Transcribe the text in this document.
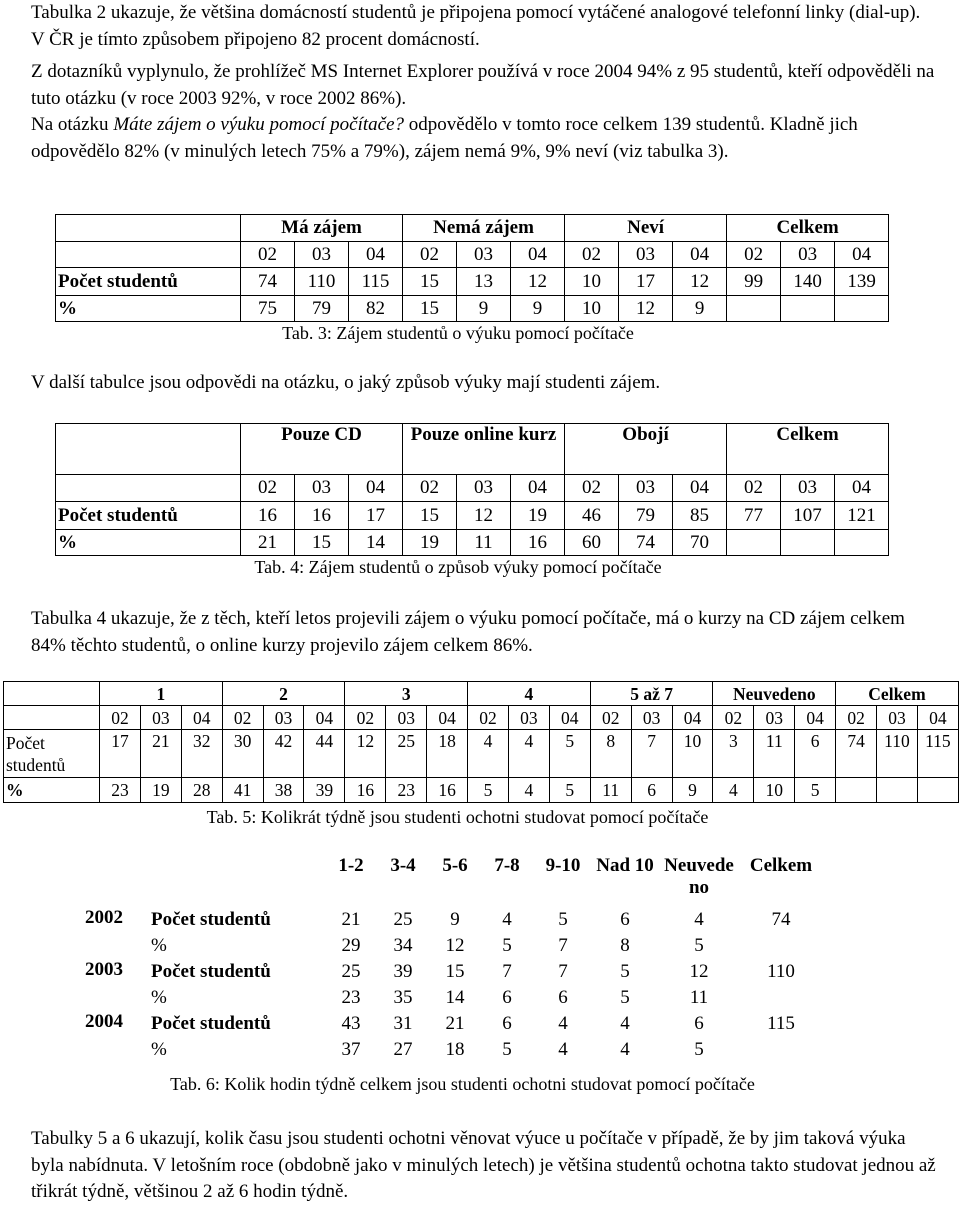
Tabulka 2 ukazuje, že většina domácností studentů je připojena pomocí vytáčené analogové telefonní linky (dial-up). V ČR je tímto způsobem připojeno 82 procent domácností.

Z dotazníků vyplynulo, že prohlížeč MS Internet Explorer používá v roce 2004 94% z 95 studentů, kteří odpověděli na tuto otázku (v roce 2003 92%, v roce 2002 86%).

Na otázku Máte zájem o výuku pomocí počítače? odpovědělo v tomto roce celkem 139 studentů. Kladně jich odpovědělo 82% (v minulých letech 75% a 79%), zájem nemá 9%, 9% neví (viz tabulka 3).

	Má zájem			Nemá zájem			Neví			Celkem		
	02	03	04	02	03	04	02	03	04	02	03	04
Počet studentů	74	110	115	15	13	12	10	17	12	99	140	139
%	75	79	82	15	9	9	10	12	9			
Tab. 3: Zájem studentů o výuku pomocí počítače

V další tabulce jsou odpovědi na otázku, o jaký způsob výuky mají studenti zájem.

	Pouze CD			Pouze online kurz			Obojí			Celkem		
	02	03	04	02	03	04	02	03	04	02	03	04
Počet studentů	16	16	17	15	12	19	46	79	85	77	107	121
%	21	15	14	19	11	16	60	74	70			
Tab. 4: Zájem studentů o způsob výuky pomocí počítače

Tabulka 4 ukazuje, že z těch, kteří letos projevili zájem o výuku pomocí počítače, má o kurzy na CD zájem celkem 84% těchto studentů, o online kurzy projevilo zájem celkem 86%.

	1			2			3			4			5 až 7			Neuvedeno			Celkem		
	02	03	04	02	03	04	02	03	04	02	03	04	02	03	04	02	03	04	02	03	04
Počet studentů	17	21	32	30	42	44	12	25	18	4	4	5	8	7	10	3	11	6	74	110	115
%	23	19	28	41	38	39	16	23	16	5	4	5	11	6	9	4	10	5			
Tab. 5: Kolikrát týdně jsou studenti ochotni studovat pomocí počítače
		1-2	3-4	5-6	7-8	9-10	Nad 10	Neuvedeno	Celkem
2002	Počet studentů	21	25	9	4	5	6	4	74
	%	29	34	12	5	7	8	5	
2003	Počet studentů	25	39	15	7	7	5	12	110
	%	23	35	14	6	6	5	11	
2004	Počet studentů	43	31	21	6	4	4	6	115
	%	37	27	18	5	4	4	5	
Tab. 6: Kolik hodin týdně celkem jsou studenti ochotni studovat pomocí počítače

Tabulky 5 a 6 ukazují, kolik času jsou studenti ochotni věnovat výuce u počítače v případě, že by jim taková výuka byla nabídnuta. V letošním roce (obdobně jako v minulých letech) je většina studentů ochotna takto studovat jednou až třikrát týdně, většinou 2 až 6 hodin týdně.
